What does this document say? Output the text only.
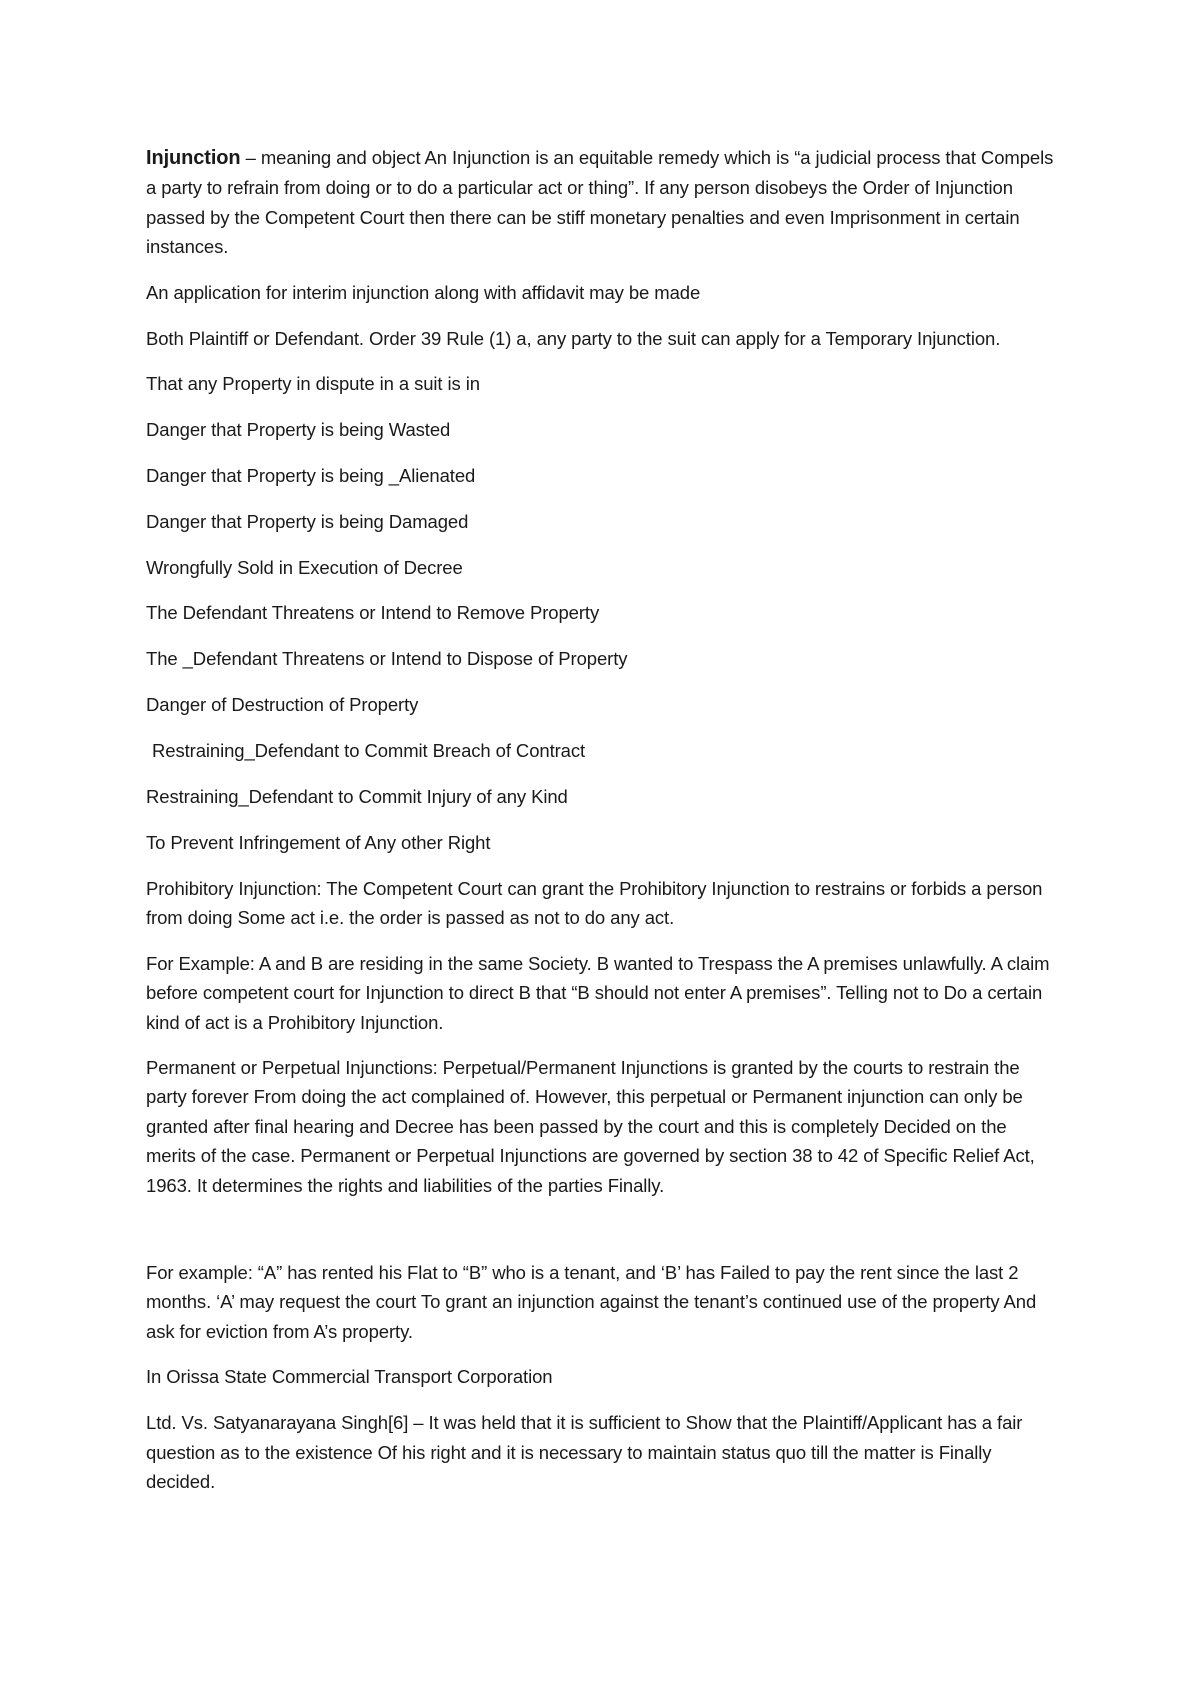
Injunction – meaning and object An Injunction is an equitable remedy which is “a judicial process that Compels a party to refrain from doing or to do a particular act or thing”. If any person disobeys the Order of Injunction passed by the Competent Court then there can be stiff monetary penalties and even Imprisonment in certain instances.

An application for interim injunction along with affidavit may be made

Both Plaintiff or Defendant. Order 39 Rule (1) a, any party to the suit can apply for a Temporary Injunction.

That any Property in dispute in a suit is in

Danger that Property is being Wasted

Danger that Property is being _Alienated

Danger that Property is being Damaged

Wrongfully Sold in Execution of Decree

The Defendant Threatens or Intend to Remove Property

The _Defendant Threatens or Intend to Dispose of Property

Danger of Destruction of Property

Restraining_Defendant to Commit Breach of Contract

Restraining_Defendant to Commit Injury of any Kind

To Prevent Infringement of Any other Right

Prohibitory Injunction: The Competent Court can grant the Prohibitory Injunction to restrains or forbids a person from doing Some act i.e. the order is passed as not to do any act.

For Example: A and B are residing in the same Society. B wanted to Trespass the A premises unlawfully. A claim before competent court for Injunction to direct B that “B should not enter A premises”. Telling not to Do a certain kind of act is a Prohibitory Injunction.

Permanent or Perpetual Injunctions: Perpetual/Permanent Injunctions is granted by the courts to restrain the party forever From doing the act complained of. However, this perpetual or Permanent injunction can only be granted after final hearing and Decree has been passed by the court and this is completely Decided on the merits of the case. Permanent or Perpetual Injunctions are governed by section 38 to 42 of Specific Relief Act, 1963. It determines the rights and liabilities of the parties Finally.

For example: “A” has rented his Flat to “B” who is a tenant, and ‘B’ has Failed to pay the rent since the last 2 months. ‘A’ may request the court To grant an injunction against the tenant’s continued use of the property And ask for eviction from A’s property.

In Orissa State Commercial Transport Corporation

Ltd. Vs. Satyanarayana Singh[6] – It was held that it is sufficient to Show that the Plaintiff/Applicant has a fair question as to the existence Of his right and it is necessary to maintain status quo till the matter is Finally decided.
